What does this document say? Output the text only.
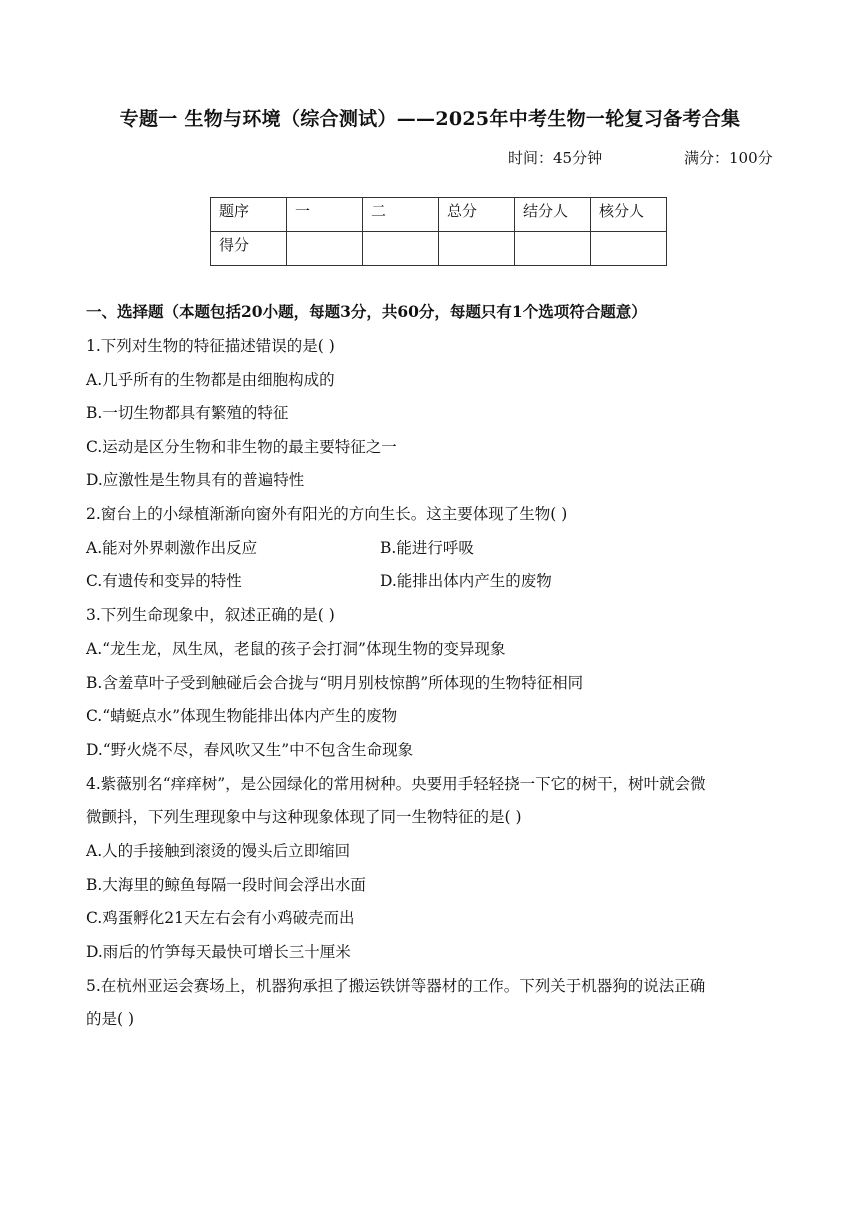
专题一 生物与环境（综合测试）——2025年中考生物一轮复习备考合集
时间：45分钟	满分：100分
题序	一	二	总分	结分人	核分人
得分					
一、选择题（本题包括20小题，每题3分，共60分，每题只有1个选项符合题意）
1.下列对生物的特征描述错误的是( )
A.几乎所有的生物都是由细胞构成的
B.一切生物都具有繁殖的特征
C.运动是区分生物和非生物的最主要特征之一
D.应激性是生物具有的普遍特性
2.窗台上的小绿植渐渐向窗外有阳光的方向生长。这主要体现了生物( )
A.能对外界刺激作出反应	B.能进行呼吸
C.有遗传和变异的特性	D.能排出体内产生的废物
3.下列生命现象中，叙述正确的是( )
A.“龙生龙，凤生凤，老鼠的孩子会打洞”体现生物的变异现象
B.含羞草叶子受到触碰后会合拢与“明月别枝惊鹊”所体现的生物特征相同
C.“蜻蜓点水”体现生物能排出体内产生的废物
D.“野火烧不尽，春风吹又生”中不包含生命现象
4.紫薇别名“痒痒树”，是公园绿化的常用树种。央要用手轻轻挠一下它的树干，树叶就会微
微颤抖，下列生理现象中与这种现象体现了同一生物特征的是( )
A.人的手接触到滚烫的馒头后立即缩回
B.大海里的鲸鱼每隔一段时间会浮出水面
C.鸡蛋孵化21天左右会有小鸡破壳而出
D.雨后的竹笋每天最快可增长三十厘米
5.在杭州亚运会赛场上，机器狗承担了搬运铁饼等器材的工作。下列关于机器狗的说法正确
的是( )
